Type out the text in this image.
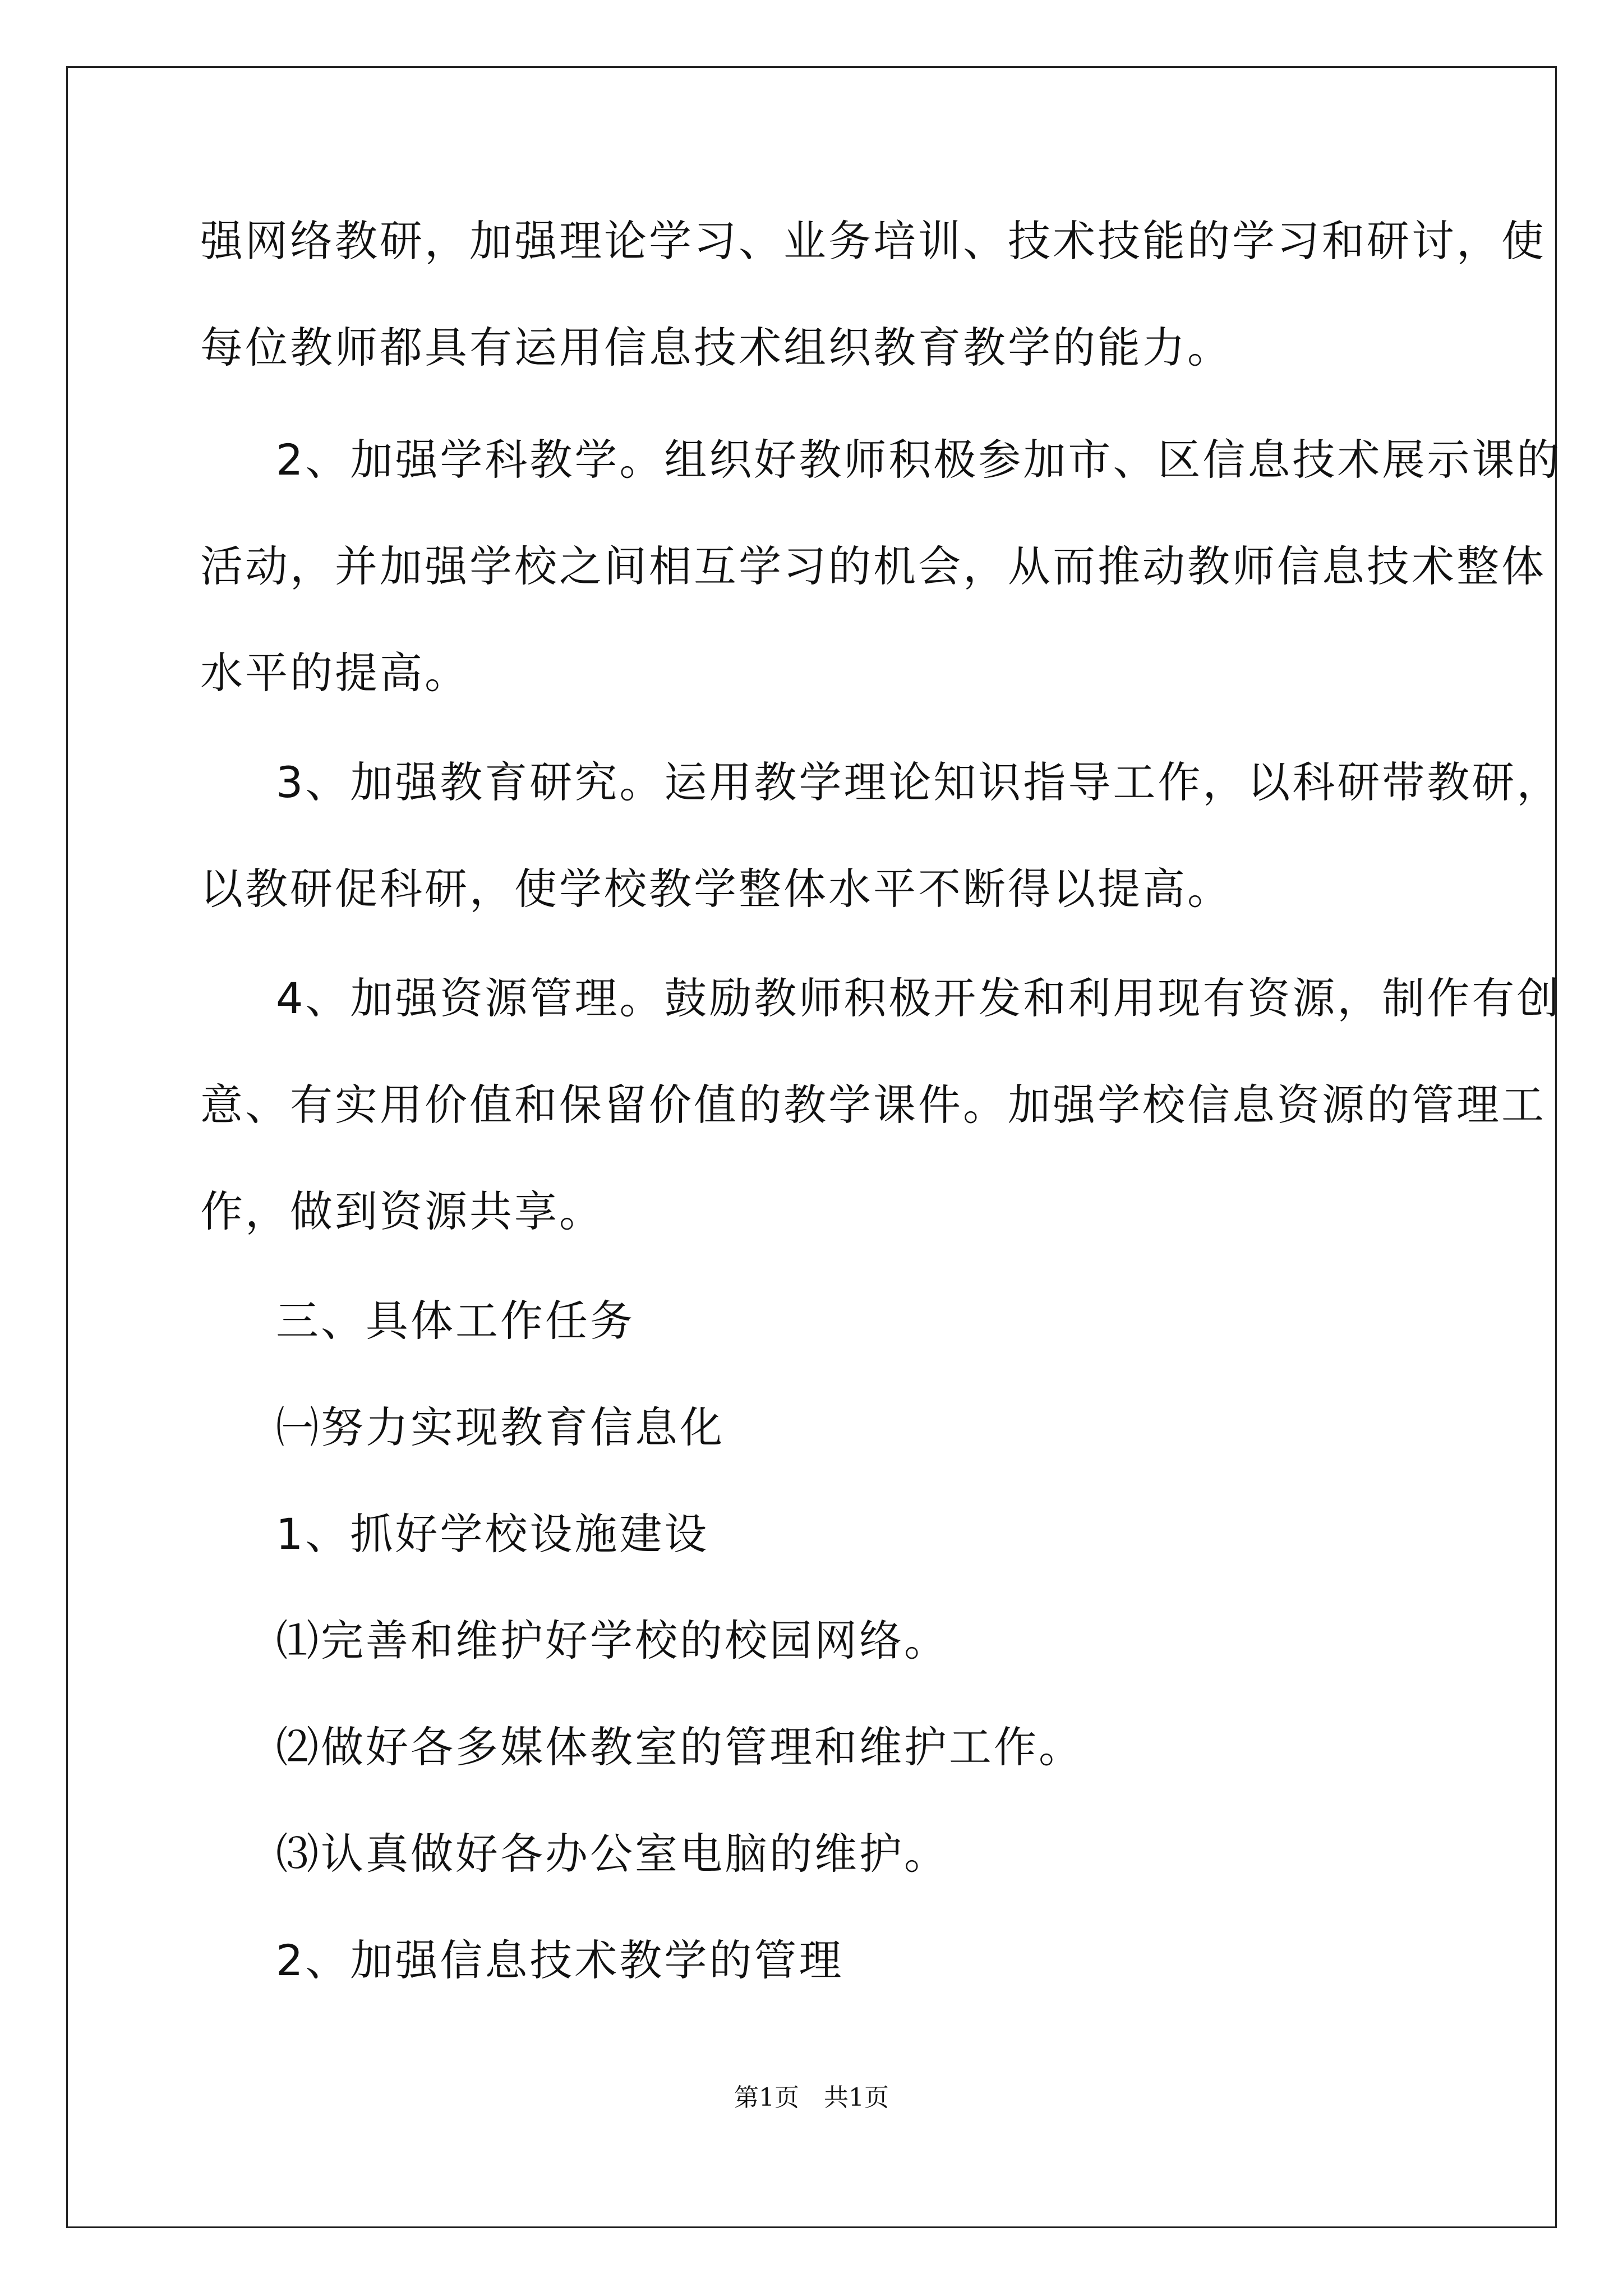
强网络教研，加强理论学习、业务培训、技术技能的学习和研讨，使
每位教师都具有运用信息技术组织教育教学的能力。
2、加强学科教学。组织好教师积极参加市、区信息技术展示课的
活动，并加强学校之间相互学习的机会，从而推动教师信息技术整体
水平的提高。
3、加强教育研究。运用教学理论知识指导工作，以科研带教研，
以教研促科研，使学校教学整体水平不断得以提高。
4、加强资源管理。鼓励教师积极开发和利用现有资源，制作有创
意、有实用价值和保留价值的教学课件。加强学校信息资源的管理工
作，做到资源共享。
三、具体工作任务
㈠努力实现教育信息化
1、抓好学校设施建设
⑴完善和维护好学校的校园网络。
⑵做好各多媒体教室的管理和维护工作。
⑶认真做好各办公室电脑的维护。
2、加强信息技术教学的管理
第1页　共1页
